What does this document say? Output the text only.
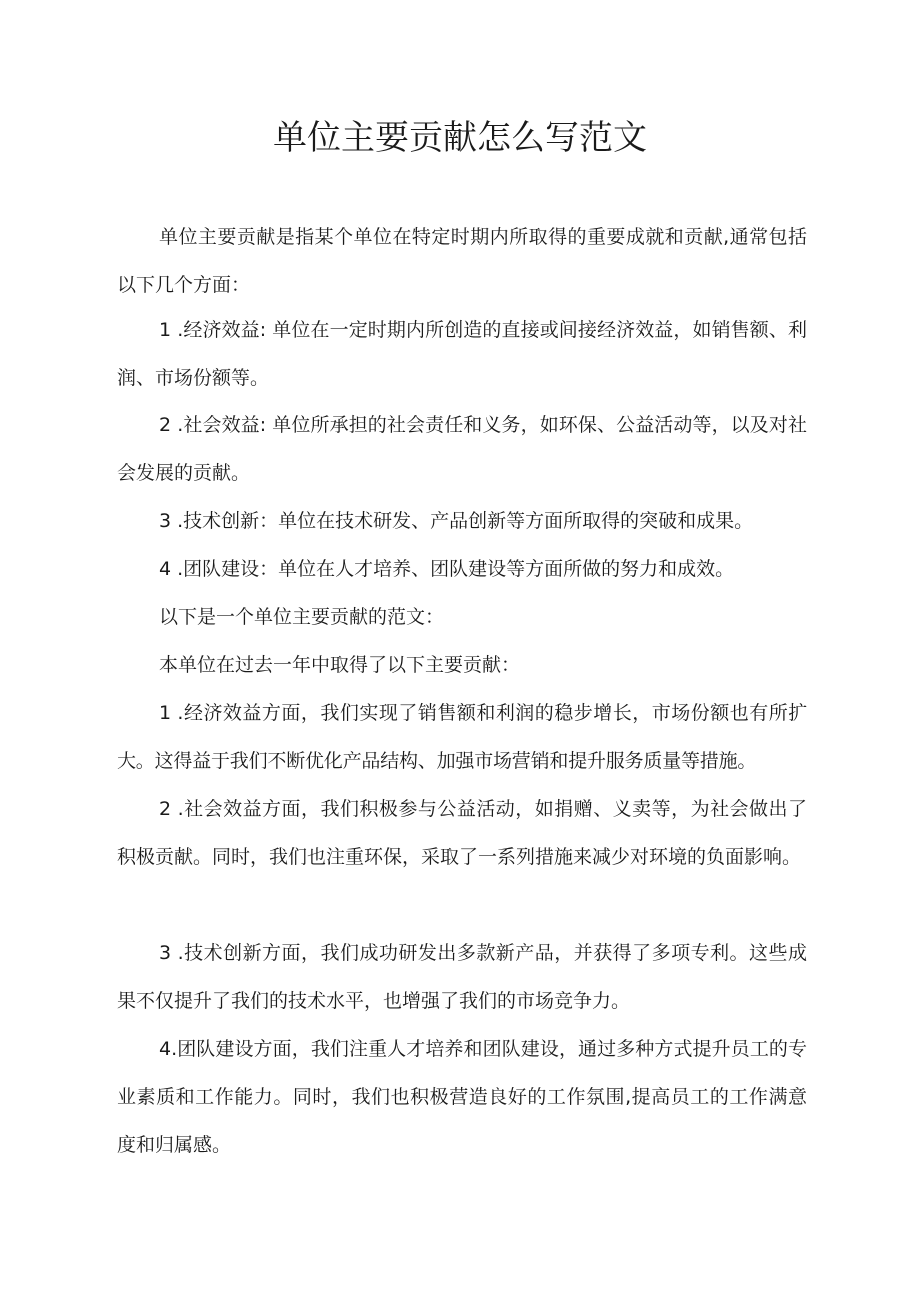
单位主要贡献怎么写范文

单位主要贡献是指某个单位在特定时期内所取得的重要成就和贡献,通常包括以下几个方面：

1 .经济效益: 单位在一定时期内所创造的直接或间接经济效益，如销售额、利润、市场份额等。

2 .社会效益: 单位所承担的社会责任和义务，如环保、公益活动等，以及对社会发展的贡献。

3 .技术创新：单位在技术研发、产品创新等方面所取得的突破和成果。

4 .团队建设：单位在人才培养、团队建设等方面所做的努力和成效。

以下是一个单位主要贡献的范文：

本单位在过去一年中取得了以下主要贡献：

1 .经济效益方面，我们实现了销售额和利润的稳步增长，市场份额也有所扩大。这得益于我们不断优化产品结构、加强市场营销和提升服务质量等措施。

2 .社会效益方面，我们积极参与公益活动，如捐赠、义卖等，为社会做出了积极贡献。同时，我们也注重环保，采取了一系列措施来减少对环境的负面影响。

3 .技术创新方面，我们成功研发出多款新产品，并获得了多项专利。这些成果不仅提升了我们的技术水平，也增强了我们的市场竞争力。

4.团队建设方面，我们注重人才培养和团队建设，通过多种方式提升员工的专业素质和工作能力。同时，我们也积极营造良好的工作氛围,提高员工的工作满意度和归属感。
